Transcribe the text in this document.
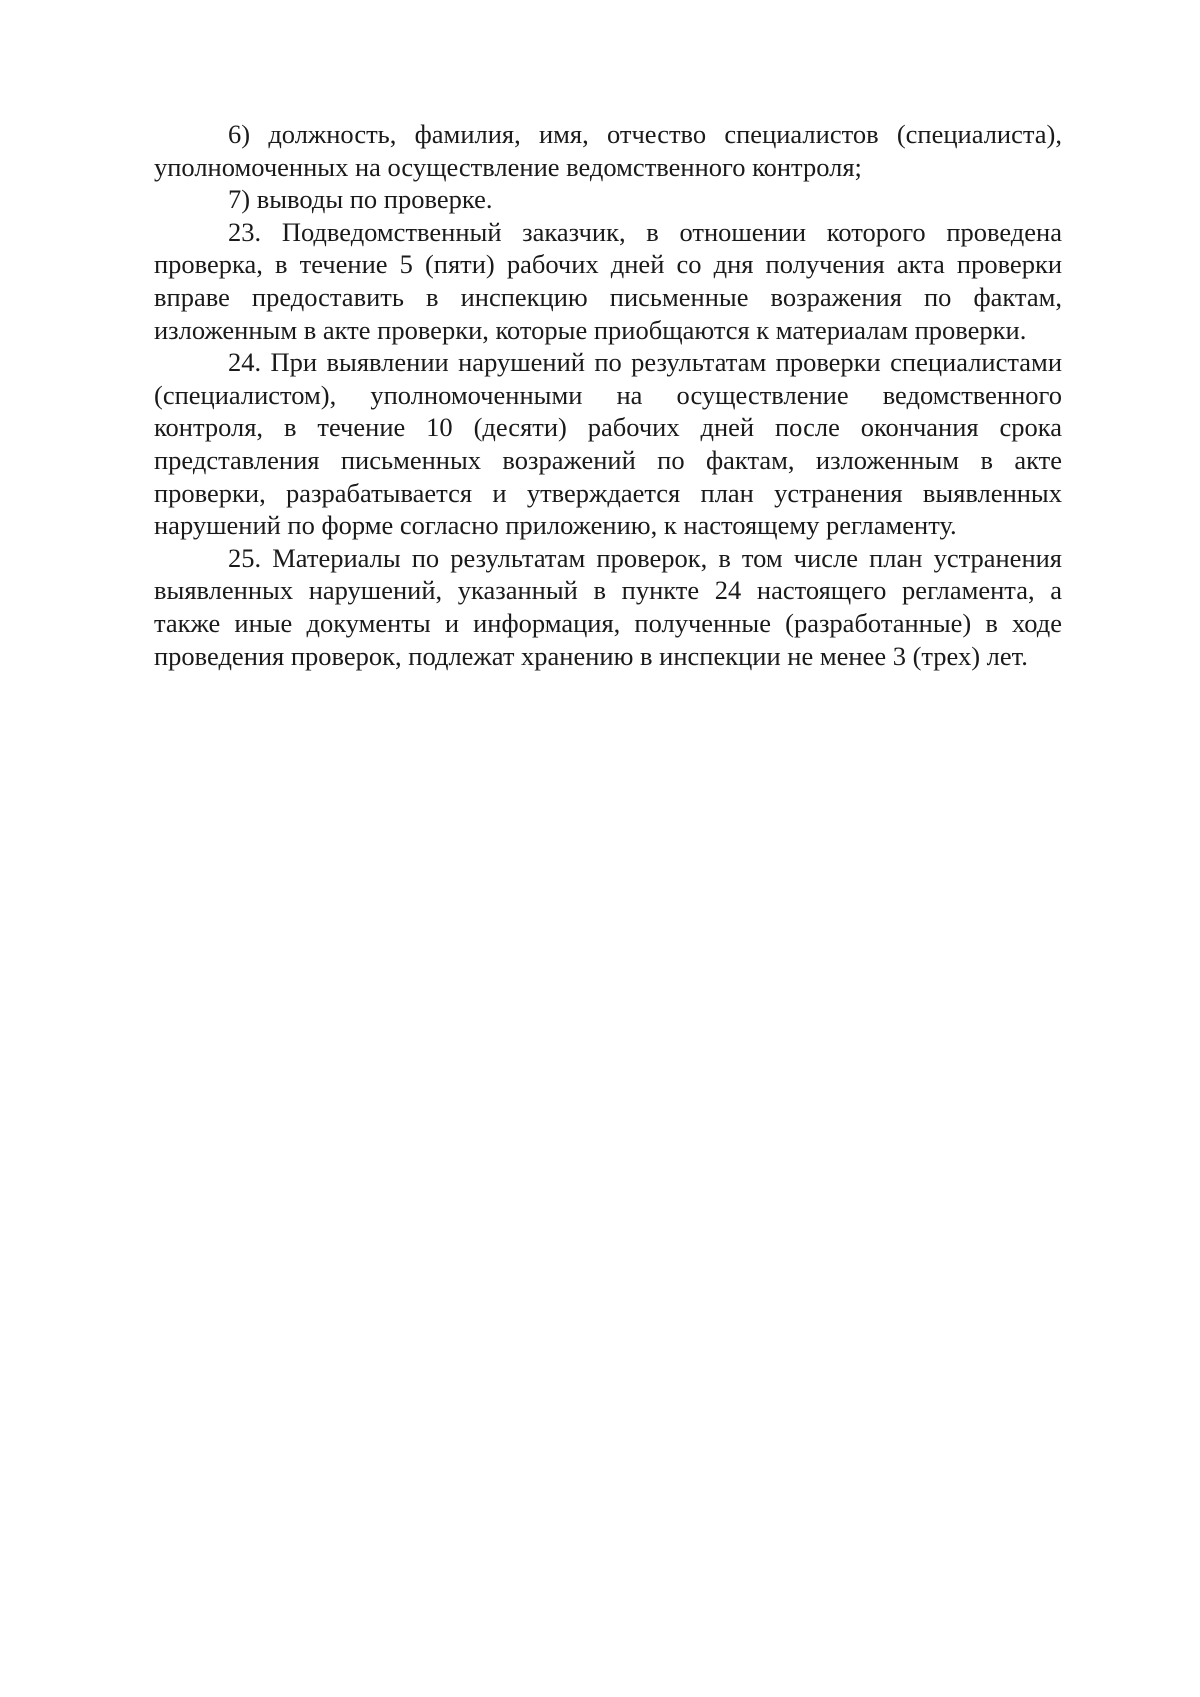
6) должность, фамилия, имя, отчество специалистов (специалиста), уполномоченных на осуществление ведомственного контроля;

7) выводы по проверке.

23. Подведомственный заказчик, в отношении которого проведена проверка, в течение 5 (пяти) рабочих дней со дня получения акта проверки вправе предоставить в инспекцию письменные возражения по фактам, изложенным в акте проверки, которые приобщаются к материалам проверки.

24. При выявлении нарушений по результатам проверки специалистами (специалистом), уполномоченными на осуществление ведомственного контроля, в течение 10 (десяти) рабочих дней после окончания срока представления письменных возражений по фактам, изложенным в акте проверки, разрабатывается и утверждается план устранения выявленных нарушений по форме согласно приложению, к настоящему регламенту.

25. Материалы по результатам проверок, в том числе план устранения выявленных нарушений, указанный в пункте 24 настоящего регламента, а также иные документы и информация, полученные (разработанные) в ходе проведения проверок, подлежат хранению в инспекции не менее 3 (трех) лет.
